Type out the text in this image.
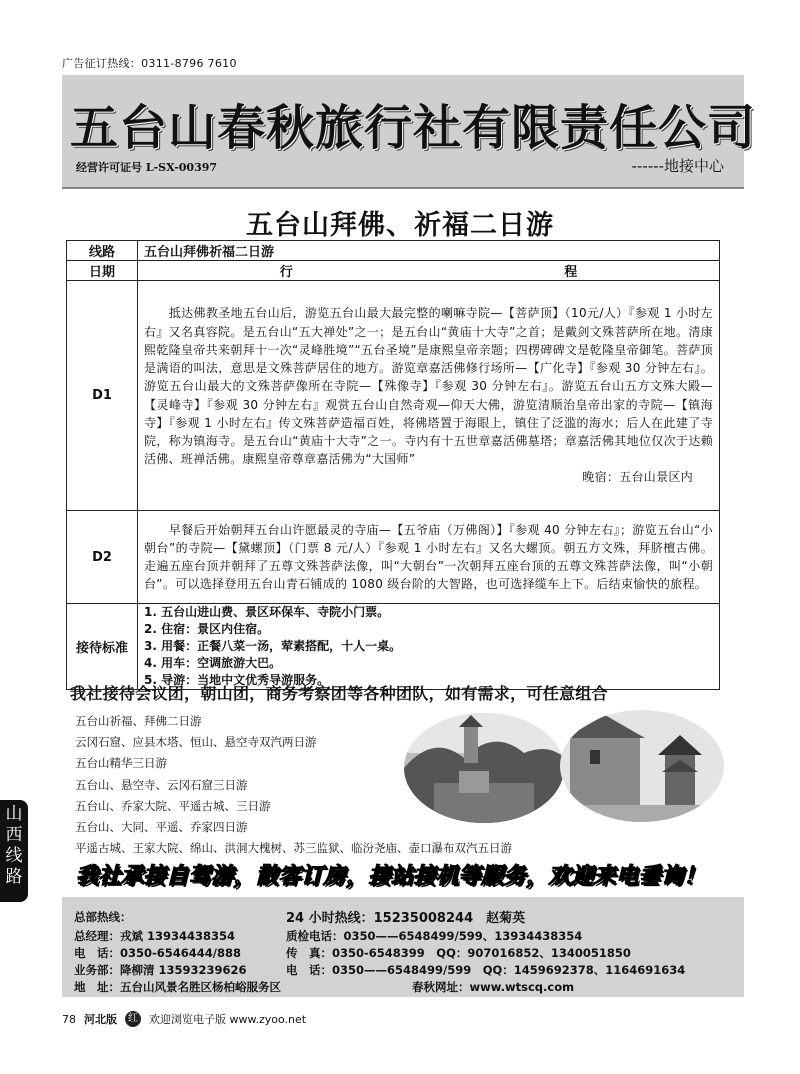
广告征订热线：0311-8796 7610
五台山春秋旅行社有限责任公司
经营许可证号 L-SX-00397	------地接中心
五台山拜佛、祈福二日游
线路	五台山拜佛祈福二日游
日期	行 程

D1	　　抵达佛教圣地五台山后，游览五台山最大最完整的喇嘛寺院—【菩萨顶】（10元/人）『参观 1 小时左右』又名真容院。是五台山“五大禅处”之一；是五台山“黄庙十大寺”之首；是戴剑文殊菩萨所在地。清康熙乾隆皇帝共来朝拜十一次“灵峰胜境”“五台圣境”是康熙皇帝亲题；四楞碑碑文是乾隆皇帝御笔。菩萨顶是满语的叫法，意思是文殊菩萨居住的地方。游览章嘉活佛修行场所—【广化寺】『参观 30 分钟左右』。游览五台山最大的文殊菩萨像所在寺院—【殊像寺】『参观 30 分钟左右』。游览五台山五方文殊大殿—【灵峰寺】『参观 30 分钟左右』观赏五台山自然奇观—仰天大佛，游览清顺治皇帝出家的寺院—【镇海寺】『参观 1 小时左右』传文殊菩萨造福百姓，将佛塔置于海眼上，镇住了泛滥的海水；后人在此建了寺院，称为镇海寺。是五台山“黄庙十大寺”之一。寺内有十五世章嘉活佛墓塔；章嘉活佛其地位仅次于达赖活佛、班禅活佛。康熙皇帝尊章嘉活佛为“大国师”
晚宿：五台山景区内

D2	　　早餐后开始朝拜五台山许愿最灵的寺庙—【五爷庙（万佛阁）】『参观 40 分钟左右』；游览五台山“小朝台”的寺院—【黛螺顶】（门票 8 元/人）『参观 1 小时左右』又名大螺顶。朝五方文殊，拜脐檀古佛。走遍五座台顶并朝拜了五尊文殊菩萨法像，叫“大朝台”一次朝拜五座台顶的五尊文殊菩萨法像，叫“小朝台”。可以选择登用五台山青石铺成的 1080 级台阶的大智路，也可选择缆车上下。后结束愉快的旅程。
接待标准	1. 五台山进山费、景区环保车、寺院小门票。
2. 住宿：景区内住宿。
3. 用餐：正餐八菜一汤，荤素搭配，十人一桌。
4. 用车：空调旅游大巴。
5. 导游：当地中文优秀导游服务。
我社接待会议团，朝山团，商务考察团等各种团队，如有需求，可任意组合
五台山祈福、拜佛二日游
云冈石窟、应县木塔、恒山、悬空寺双汽两日游
五台山精华三日游
五台山、悬空寺、云冈石窟三日游
五台山、乔家大院、平遥古城、三日游
五台山、大同、平遥、乔家四日游
平遥古城、王家大院、绵山、洪洞大槐树、苏三监狱、临汾尧庙、壶口瀑布双汽五日游
山
西
线
路 我社承接自驾游，散客订房，接站接机等服务，欢迎来电垂询！
总部热线：	24 小时热线：15235008244　赵菊英
总经理：戎斌 13934438354	质检电话：0350——6548499/599、13934438354
电　话：0350-6546444/888	传　真：0350-6548399　QQ：907016852、1340051850
业务部：降柳清 13593239626	电　话：0350——6548499/599　QQ：1459692378、1164691634
地　址：五台山风景名胜区杨柏峪服务区	春秋网址：www.wtscq.com
78 河北版	红 欢迎浏览电子版 www.zyoo.net
